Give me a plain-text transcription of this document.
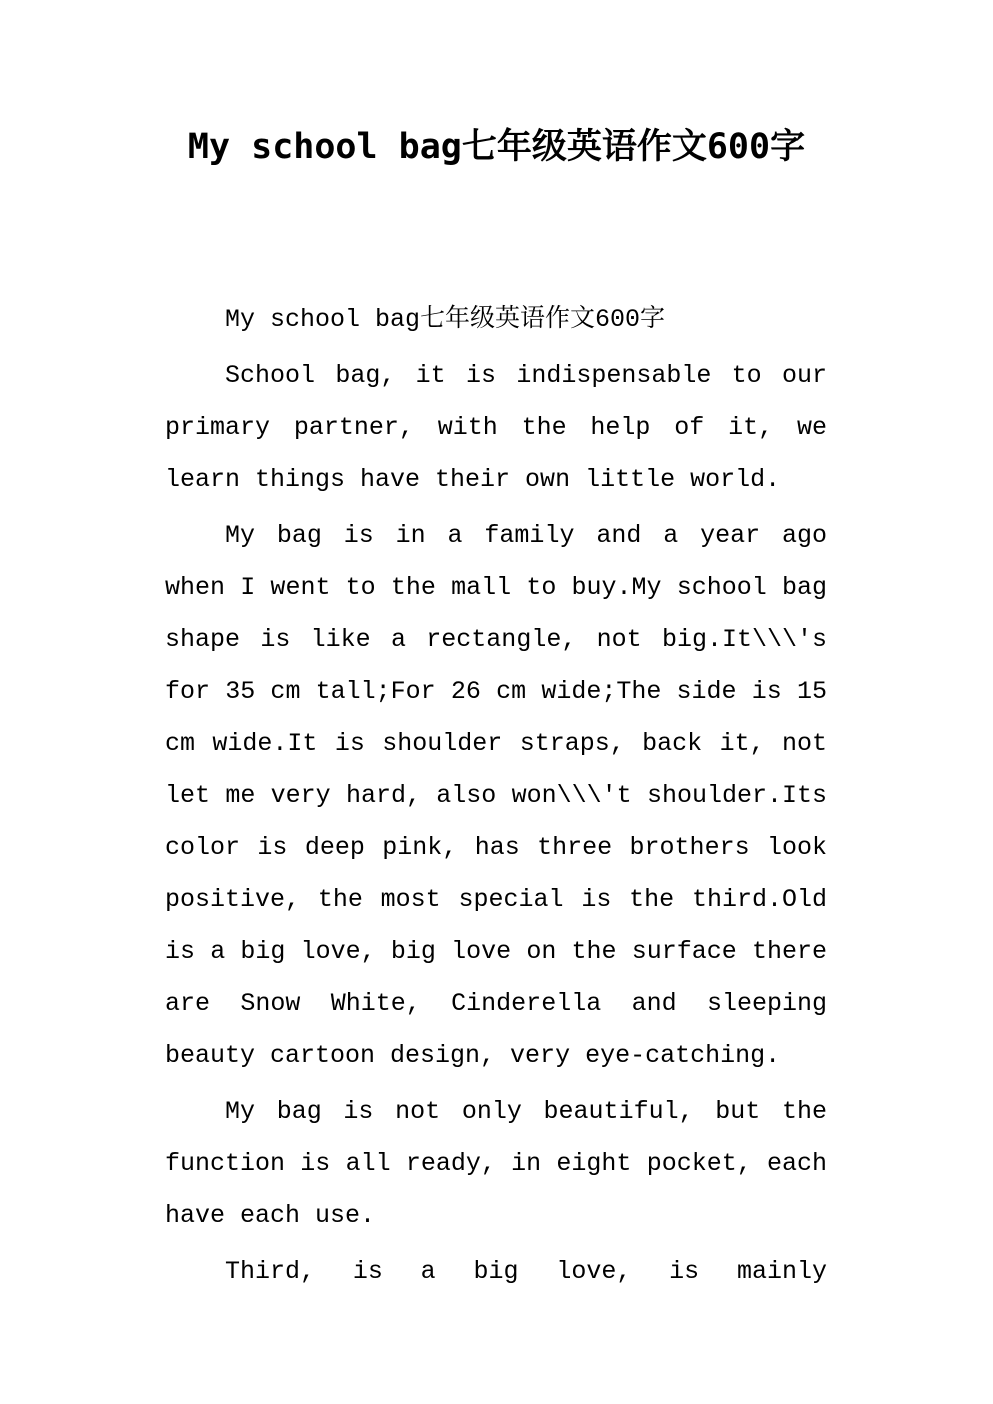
My school bag七年级英语作文600字

My school bag七年级英语作文600字

School bag, it is indispensable to our primary partner, with the help of it, we learn things have their own little world.

My bag is in a family and a year ago when I went to the mall to buy.My school bag shape is like a rectangle, not big.It\\\'s for 35 cm tall;For 26 cm wide;The side is 15 cm wide.It is shoulder straps, back it, not let me very hard, also won\\\'t shoulder.Its color is deep pink, has three brothers look positive, the most special is the third.Old is a big love, big love on the surface there are Snow White, Cinderella and sleeping beauty cartoon design, very eye-catching.

My bag is not only beautiful, but the function is all ready, in eight pocket, each have each use.

Third, is a big love, is mainly
